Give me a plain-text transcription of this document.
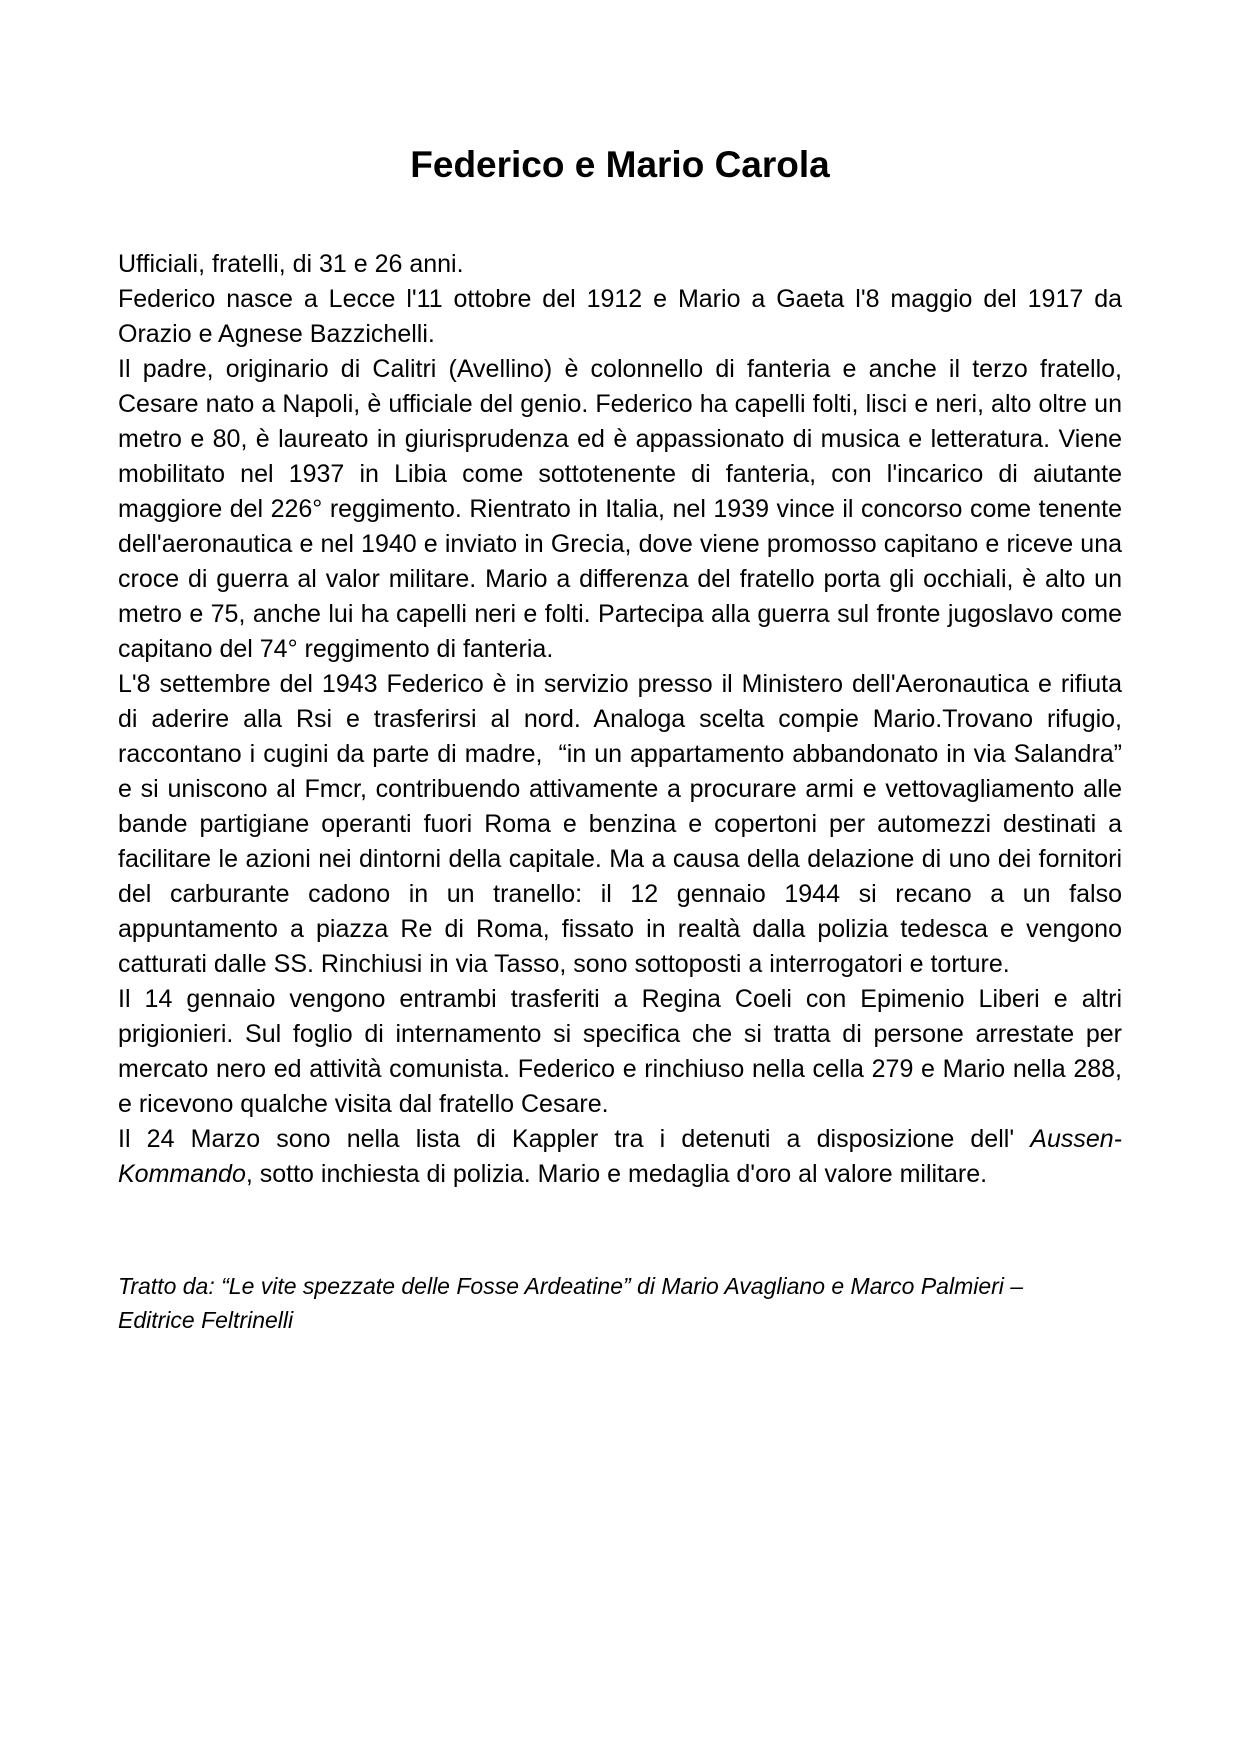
Federico e Mario Carola

Ufficiali, fratelli, di 31 e 26 anni.

Federico nasce a Lecce l'11 ottobre del 1912 e Mario a Gaeta l'8 maggio del 1917 da Orazio e Agnese Bazzichelli.

Il padre, originario di Calitri (Avellino) è colonnello di fanteria e anche il terzo fratello, Cesare nato a Napoli, è ufficiale del genio. Federico ha capelli folti, lisci e neri, alto oltre un metro e 80, è laureato in giurisprudenza ed è appassionato di musica e letteratura. Viene mobilitato nel 1937 in Libia come sottotenente di fanteria, con l'incarico di aiutante maggiore del 226° reggimento. Rientrato in Italia, nel 1939 vince il concorso come tenente dell'aeronautica e nel 1940 e inviato in Grecia, dove viene promosso capitano e riceve una croce di guerra al valor militare. Mario a differenza del fratello porta gli occhiali, è alto un metro e 75, anche lui ha capelli neri e folti. Partecipa alla guerra sul fronte jugoslavo come capitano del 74° reggimento di fanteria.

L'8 settembre del 1943 Federico è in servizio presso il Ministero dell'Aeronautica e rifiuta di aderire alla Rsi e trasferirsi al nord. Analoga scelta compie Mario.Trovano rifugio, raccontano i cugini da parte di madre,  “in un appartamento abbandonato in via Salandra” e si uniscono al Fmcr, contribuendo attivamente a procurare armi e vettovagliamento alle bande partigiane operanti fuori Roma e benzina e copertoni per automezzi destinati a facilitare le azioni nei dintorni della capitale. Ma a causa della delazione di uno dei fornitori del carburante cadono in un tranello: il 12 gennaio 1944 si recano a un falso appuntamento a piazza Re di Roma, fissato in realtà dalla polizia tedesca e vengono catturati dalle SS. Rinchiusi in via Tasso, sono sottoposti a interrogatori e torture.

Il 14 gennaio vengono entrambi trasferiti a Regina Coeli con Epimenio Liberi e altri prigionieri. Sul foglio di internamento si specifica che si tratta di persone arrestate per mercato nero ed attività comunista. Federico e rinchiuso nella cella 279 e Mario nella 288, e ricevono qualche visita dal fratello Cesare.

Il 24 Marzo sono nella lista di Kappler tra i detenuti a disposizione dell' Aussen-Kommando, sotto inchiesta di polizia. Mario e medaglia d'oro al valore militare.

Tratto da: “Le vite spezzate delle Fosse Ardeatine” di Mario Avagliano e Marco Palmieri –
Editrice Feltrinelli
